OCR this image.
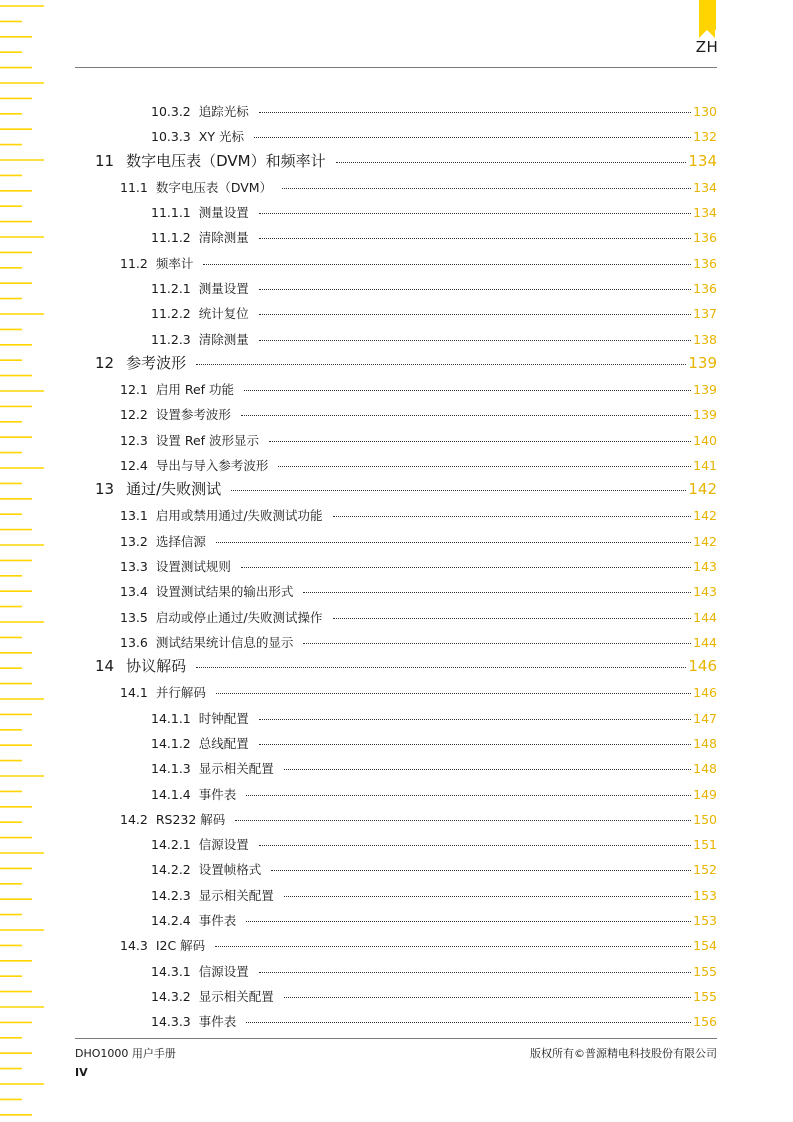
ZH
10.3.2 追踪光标	130
10.3.3 XY 光标	132
11 数字电压表（DVM）和频率计	134
11.1 数字电压表（DVM）	134
11.1.1 测量设置	134
11.1.2 清除测量	136
11.2 频率计	136
11.2.1 测量设置	136
11.2.2 统计复位	137
11.2.3 清除测量	138
12 参考波形	139
12.1 启用 Ref 功能	139
12.2 设置参考波形	139
12.3 设置 Ref 波形显示	140
12.4 导出与导入参考波形	141
13 通过/失败测试	142
13.1 启用或禁用通过/失败测试功能	142
13.2 选择信源	142
13.3 设置测试规则	143
13.4 设置测试结果的输出形式	143
13.5 启动或停止通过/失败测试操作	144
13.6 测试结果统计信息的显示	144
14 协议解码	146
14.1 并行解码	146
14.1.1 时钟配置	147
14.1.2 总线配置	148
14.1.3 显示相关配置	148
14.1.4 事件表	149
14.2 RS232 解码	150
14.2.1 信源设置	151
14.2.2 设置帧格式	152
14.2.3 显示相关配置	153
14.2.4 事件表	153
14.3 I2C 解码	154
14.3.1 信源设置	155
14.3.2 显示相关配置	155
14.3.3 事件表	156
DHO1000 用户手册	版权所有©普源精电科技股份有限公司
IV
